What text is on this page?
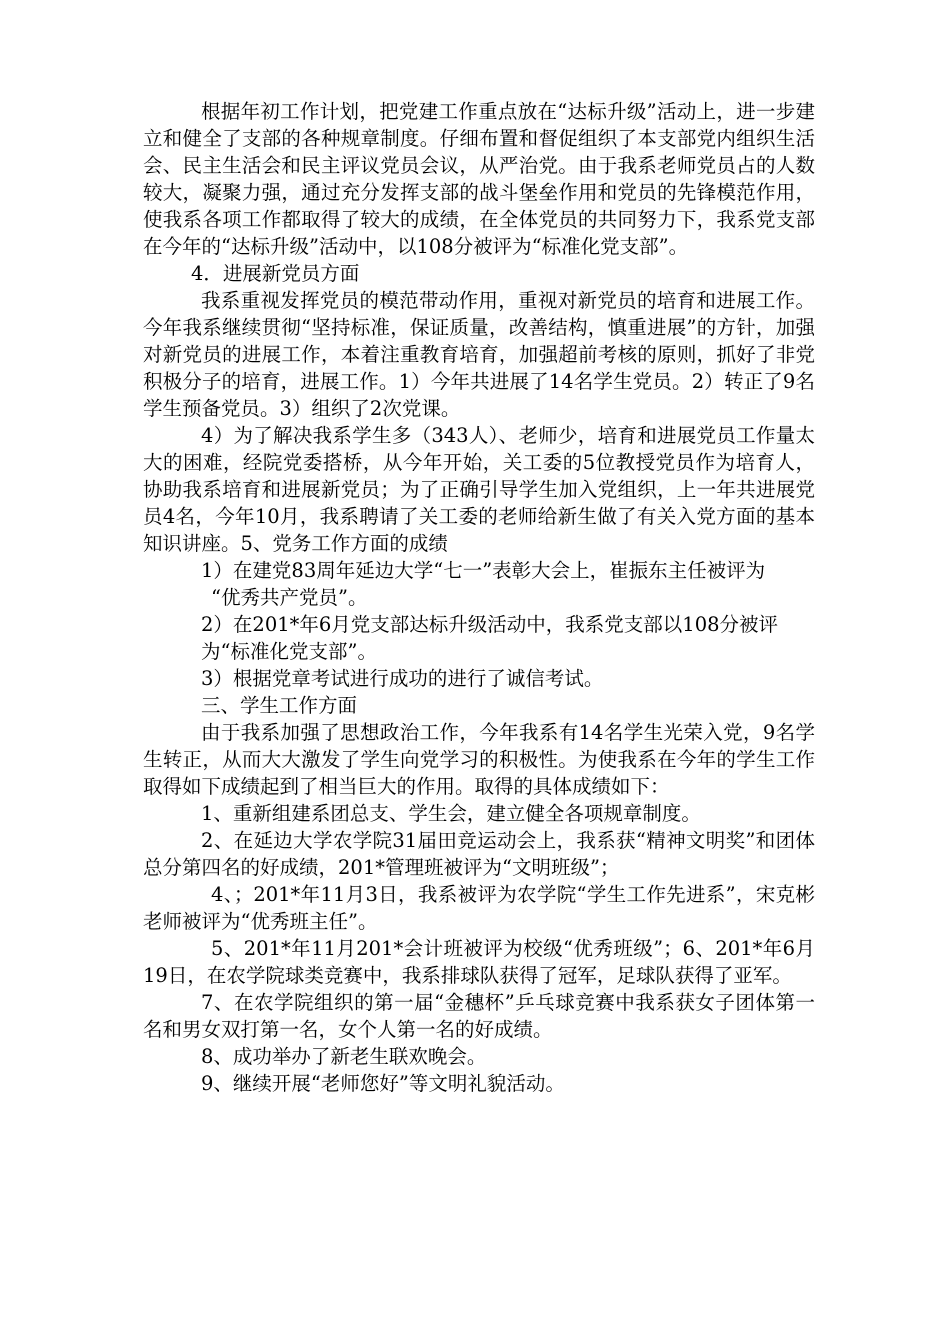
根据年初工作计划，把党建工作重点放在“达标升级”活动上，进一步建立和健全了支部的各种规章制度。仔细布置和督促组织了本支部党内组织生活会、民主生活会和民主评议党员会议，从严治党。由于我系老师党员占的人数较大，凝聚力强，通过充分发挥支部的战斗堡垒作用和党员的先锋模范作用，使我系各项工作都取得了较大的成绩，在全体党员的共同努力下，我系党支部在今年的“达标升级”活动中，以108分被评为“标准化党支部”。

4．进展新党员方面

我系重视发挥党员的模范带动作用，重视对新党员的培育和进展工作。今年我系继续贯彻“坚持标准，保证质量，改善结构，慎重进展”的方针，加强对新党员的进展工作，本着注重教育培育，加强超前考核的原则，抓好了非党积极分子的培育，进展工作。1）今年共进展了14名学生党员。2）转正了9名学生预备党员。3）组织了2次党课。

4）为了解决我系学生多（343人）、老师少，培育和进展党员工作量太大的困难，经院党委搭桥，从今年开始，关工委的5位教授党员作为培育人，协助我系培育和进展新党员；为了正确引导学生加入党组织，上一年共进展党员4名，今年10月，我系聘请了关工委的老师给新生做了有关入党方面的基本知识讲座。5、党务工作方面的成绩

1）在建党83周年延边大学“七一”表彰大会上，崔振东主任被评为

“优秀共产党员”。

2）在201*年6月党支部达标升级活动中，我系党支部以108分被评

为“标准化党支部”。

3）根据党章考试进行成功的进行了诚信考试。

三、学生工作方面

由于我系加强了思想政治工作，今年我系有14名学生光荣入党，9名学生转正，从而大大激发了学生向党学习的积极性。为使我系在今年的学生工作取得如下成绩起到了相当巨大的作用。取得的具体成绩如下：

1、重新组建系团总支、学生会，建立健全各项规章制度。

2、在延边大学农学院31届田竞运动会上，我系获“精神文明奖”和团体总分第四名的好成绩，201*管理班被评为“文明班级”；

4、；201*年11月3日，我系被评为农学院“学生工作先进系”，宋克彬老师被评为“优秀班主任”。

5、201*年11月201*会计班被评为校级“优秀班级”；6、201*年6月19日，在农学院球类竞赛中，我系排球队获得了冠军，足球队获得了亚军。

7、在农学院组织的第一届“金穗杯”乒乓球竞赛中我系获女子团体第一名和男女双打第一名，女个人第一名的好成绩。

8、成功举办了新老生联欢晚会。

9、继续开展“老师您好”等文明礼貌活动。
